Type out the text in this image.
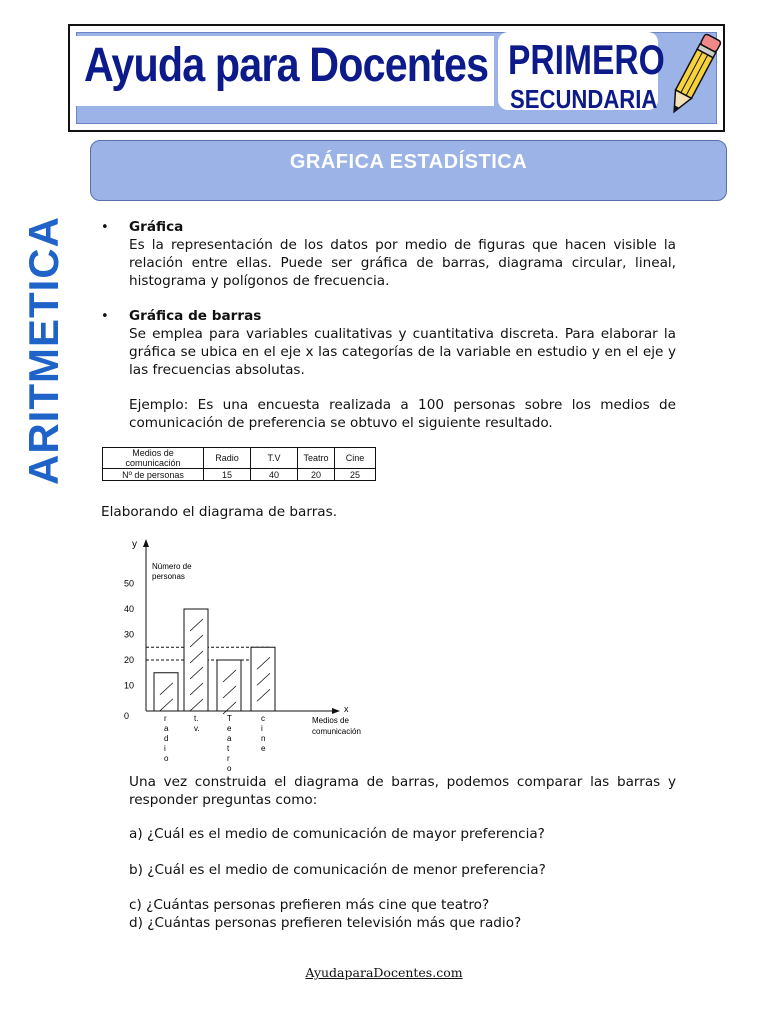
Ayuda para Docentes PRIMERO
SECUNDARIA
GRÁFICA ESTADÍSTICA
ARITMETICA	• Gráfica
Es la representación de los datos por medio de figuras que hacen visible la
relación entre ellas. Puede ser gráfica de barras, diagrama circular, lineal,
histograma y polígonos de frecuencia.
• Gráfica de barras
Se emplea para variables cualitativas y cuantitativa discreta. Para elaborar la
gráfica se ubica en el eje x las categorías de la variable en estudio y en el eje y
las frecuencias absolutas.
Ejemplo: Es una encuesta realizada a 100 personas sobre los medios de
comunicación de preferencia se obtuvo el siguiente resultado.
Medios de
comunicación	Radio	T.V	Teatro	Cine
Nº de personas	15	40	20	25
Elaborando el diagrama de barras.
y
x
Número de
personas
Medios de
comunicación
0
10
20
30
40
50
r
a
d
i
o
t.
v.
T
e
a
t
r
o
c
i
n
e
Una vez construida el diagrama de barras, podemos comparar las barras y
responder preguntas como:
a) ¿Cuál es el medio de comunicación de mayor preferencia?
b) ¿Cuál es el medio de comunicación de menor preferencia?
c) ¿Cuántas personas prefieren más cine que teatro?
d) ¿Cuántas personas prefieren televisión más que radio?
AyudaparaDocentes.com
